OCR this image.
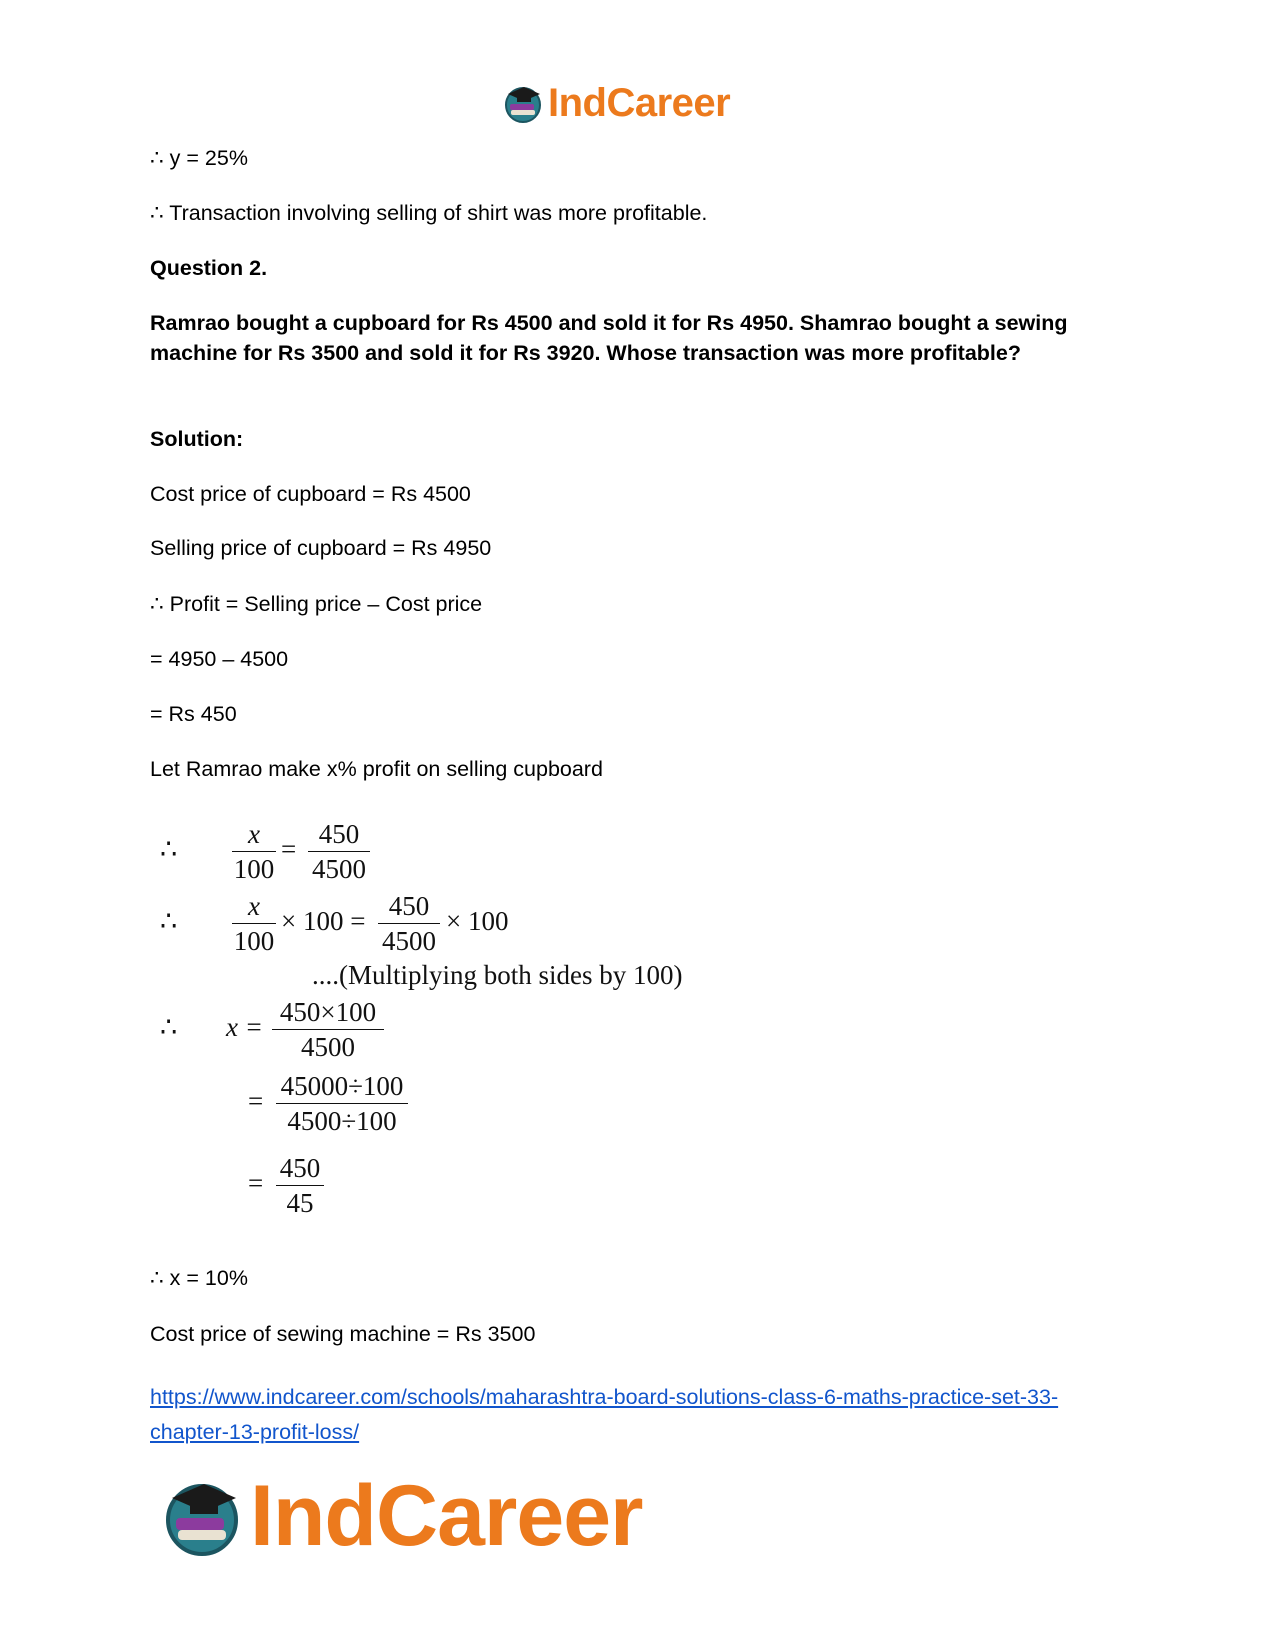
IndCareer
∴ y = 25%
∴ Transaction involving selling of shirt was more profitable.
Question 2.
Ramrao bought a cupboard for Rs 4500 and sold it for Rs 4950. Shamrao bought a sewing machine for Rs 3500 and sold it for Rs 3920. Whose transaction was more profitable?
Solution:
Cost price of cupboard = Rs 4500
Selling price of cupboard = Rs 4950
∴ Profit = Selling price – Cost price
= 4950 – 4500
= Rs 450
Let Ramrao make x% profit on selling cupboard
∴	x
100
= 450
4500
∴	x
100
× 100 = 450
4500
× 100
....(Multiplying both sides by 100)
∴ x = 450×100
4500
= 45000÷100
4500÷100
= 450
45
∴ x = 10%
Cost price of sewing machine = Rs 3500
https://www.indcareer.com/schools/maharashtra-board-solutions-class-6-maths-practice-set-33-chapter-13-profit-loss/
IndCareer
